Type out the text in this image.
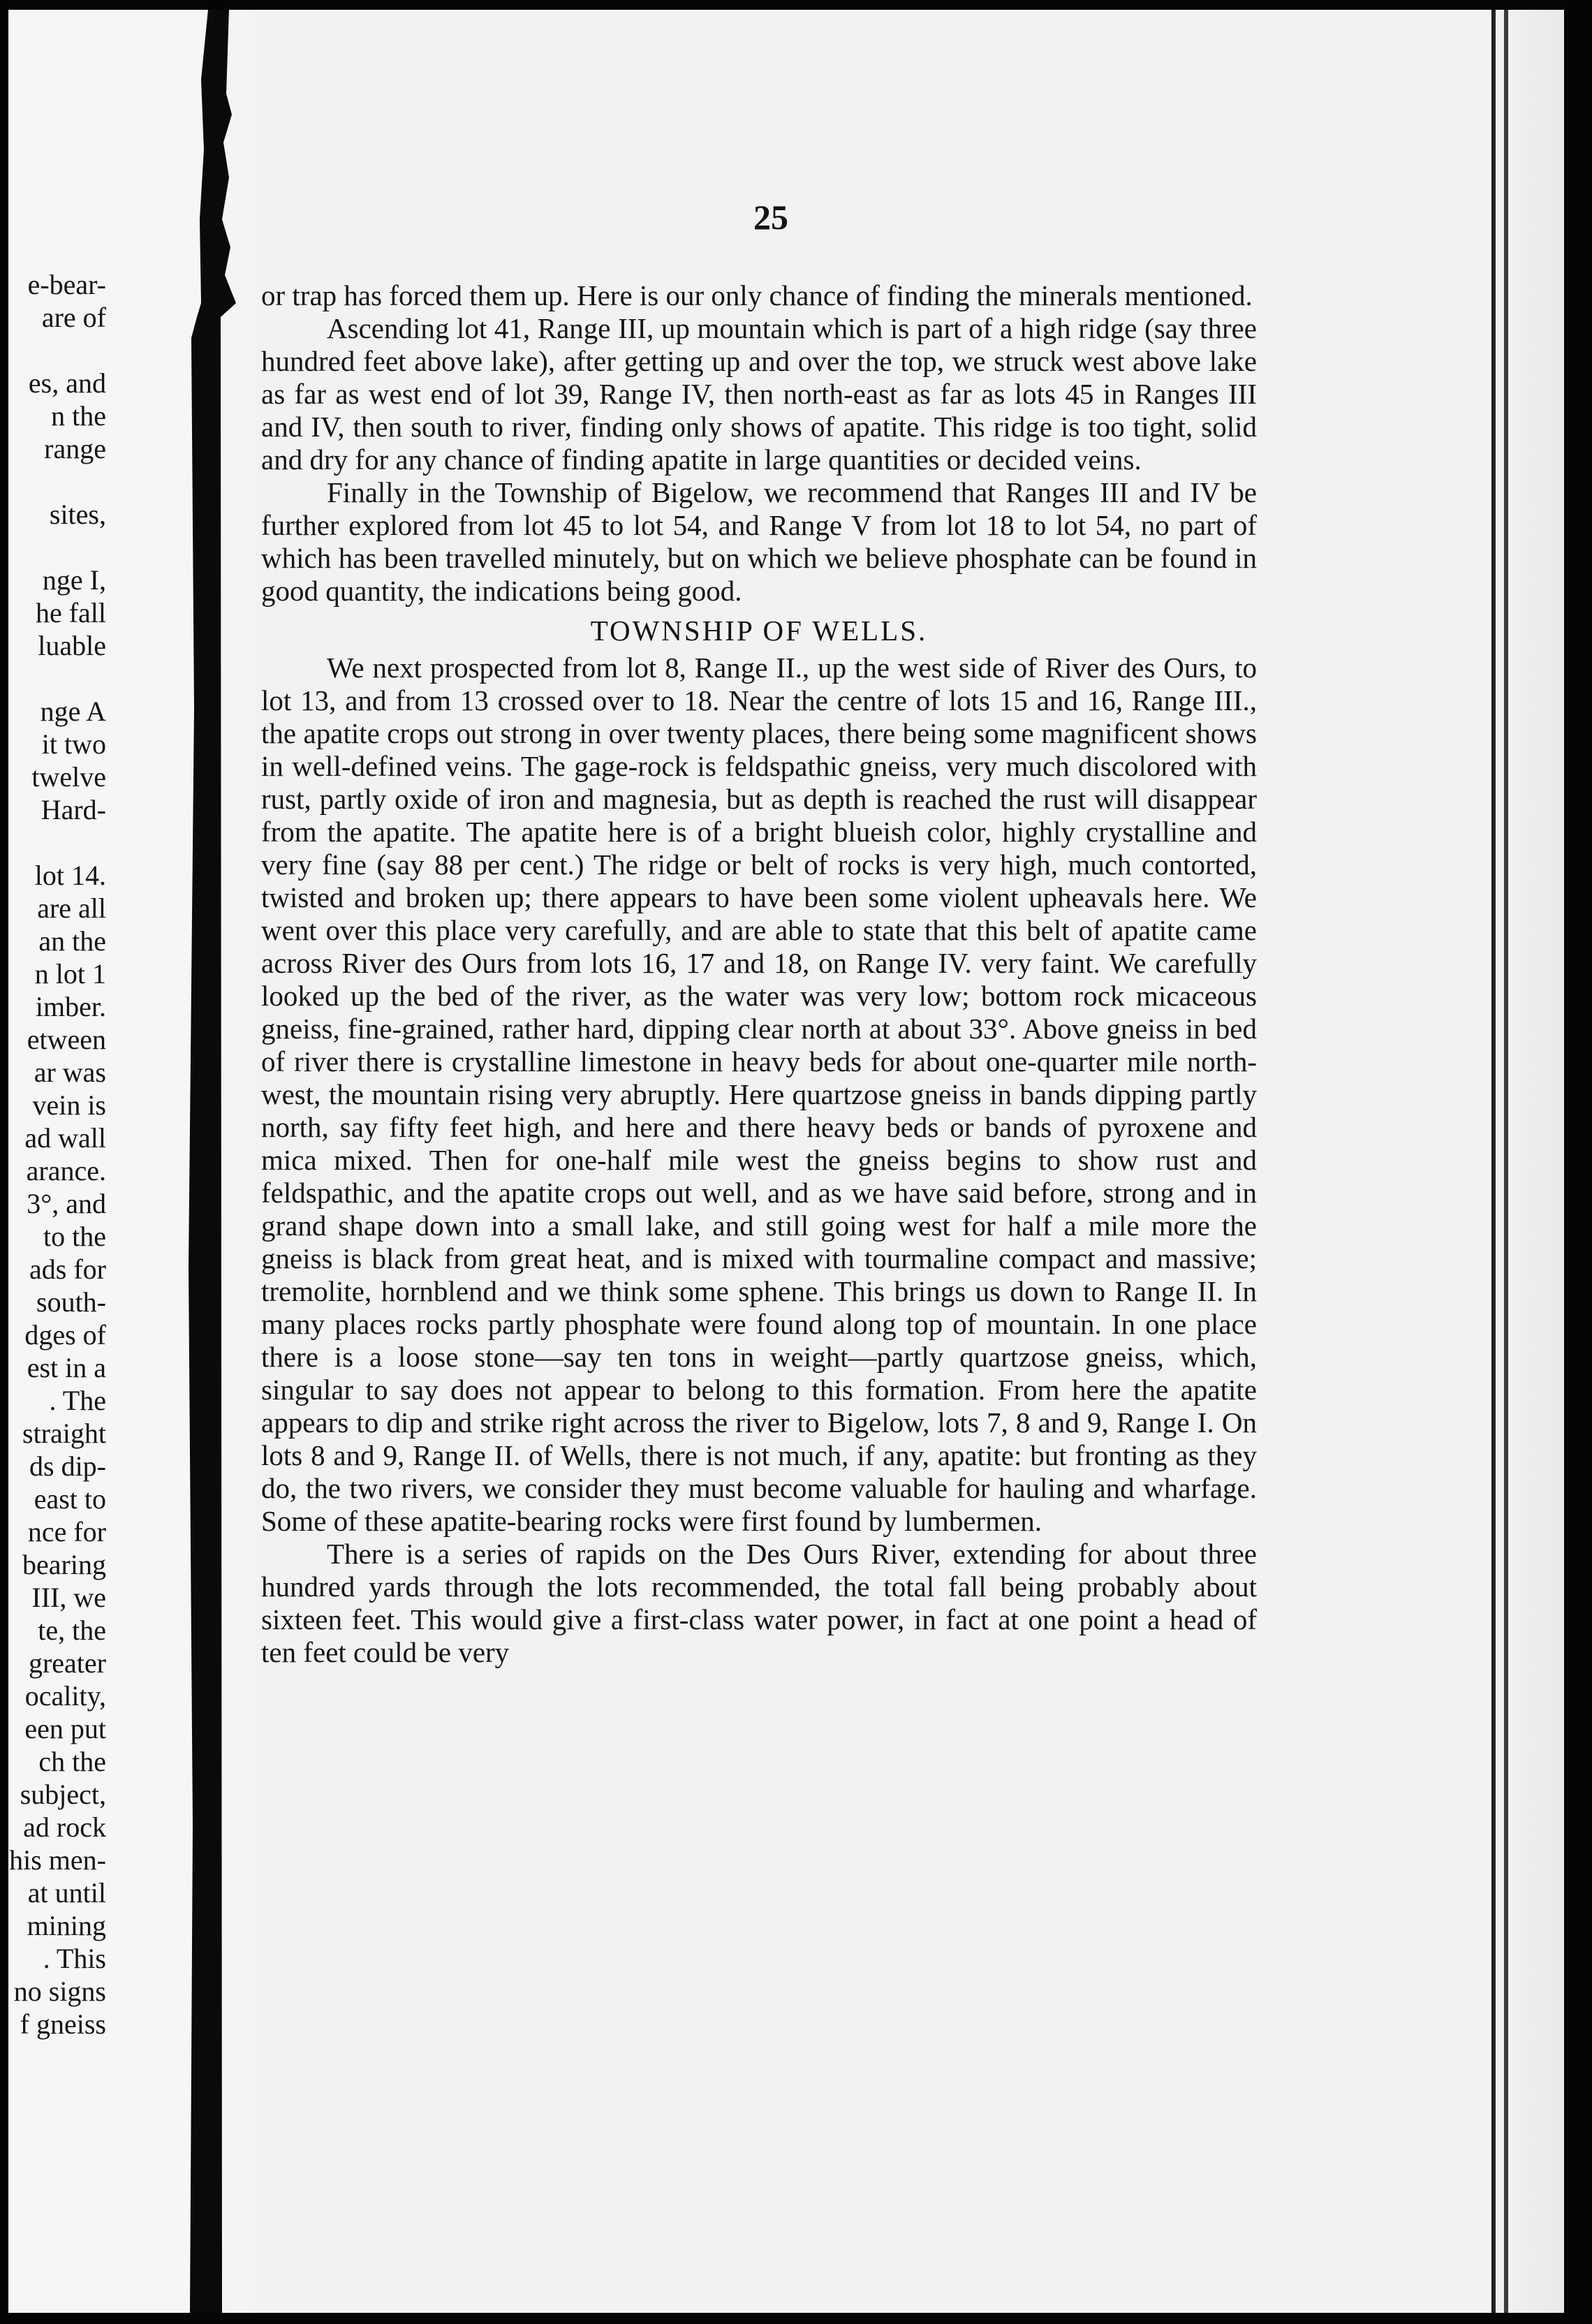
e-bear-
are of

es, and
n the
range

sites,

nge I,
he fall
luable

nge A
it two
twelve
Hard-

lot 14.
are all
an the
n lot 1
imber.
etween
ar was
vein is
ad wall
arance.
3°, and
to the
ads for
south-
dges of
est in a
. The
straight
ds dip-
east to
nce for
bearing
III, we
te, the
greater
ocality,
een put
ch the
subject,
ad rock
his men-
at until
mining
. This
no signs
f gneiss
25

or trap has forced them up. Here is our only chance of finding the minerals mentioned.

Ascending lot 41, Range III, up mountain which is part of a high ridge (say three hundred feet above lake), after getting up and over the top, we struck west above lake as far as west end of lot 39, Range IV, then north-east as far as lots 45 in Ranges III and IV, then south to river, finding only shows of apatite. This ridge is too tight, solid and dry for any chance of finding apatite in large quantities or decided veins.

Finally in the Township of Bigelow, we recommend that Ranges III and IV be further explored from lot 45 to lot 54, and Range V from lot 18 to lot 54, no part of which has been travelled minutely, but on which we believe phosphate can be found in good quantity, the indications being good.

TOWNSHIP OF WELLS.

We next prospected from lot 8, Range II., up the west side of River des Ours, to lot 13, and from 13 crossed over to 18. Near the centre of lots 15 and 16, Range III., the apatite crops out strong in over twenty places, there being some magnificent shows in well-defined veins. The gage-rock is feldspathic gneiss, very much discolored with rust, partly oxide of iron and magnesia, but as depth is reached the rust will disappear from the apatite. The apatite here is of a bright blueish color, highly crystalline and very fine (say 88 per cent.) The ridge or belt of rocks is very high, much contorted, twisted and broken up; there appears to have been some violent upheavals here. We went over this place very carefully, and are able to state that this belt of apatite came across River des Ours from lots 16, 17 and 18, on Range IV. very faint. We carefully looked up the bed of the river, as the water was very low; bottom rock micaceous gneiss, fine-grained, rather hard, dipping clear north at about 33°. Above gneiss in bed of river there is crystalline limestone in heavy beds for about one-quarter mile north-west, the mountain rising very abruptly. Here quartzose gneiss in bands dipping partly north, say fifty feet high, and here and there heavy beds or bands of pyroxene and mica mixed. Then for one-half mile west the gneiss begins to show rust and feldspathic, and the apatite crops out well, and as we have said before, strong and in grand shape down into a small lake, and still going west for half a mile more the gneiss is black from great heat, and is mixed with tourmaline compact and massive; tremolite, hornblend and we think some sphene. This brings us down to Range II. In many places rocks partly phosphate were found along top of mountain. In one place there is a loose stone—say ten tons in weight—partly quartzose gneiss, which, singular to say does not appear to belong to this formation. From here the apatite appears to dip and strike right across the river to Bigelow, lots 7, 8 and 9, Range I. On lots 8 and 9, Range II. of Wells, there is not much, if any, apatite: but fronting as they do, the two rivers, we consider they must become valuable for hauling and wharfage. Some of these apatite-bearing rocks were first found by lumbermen.

There is a series of rapids on the Des Ours River, extending for about three hundred yards through the lots recommended, the total fall being probably about sixteen feet. This would give a first-class water power, in fact at one point a head of ten feet could be very
